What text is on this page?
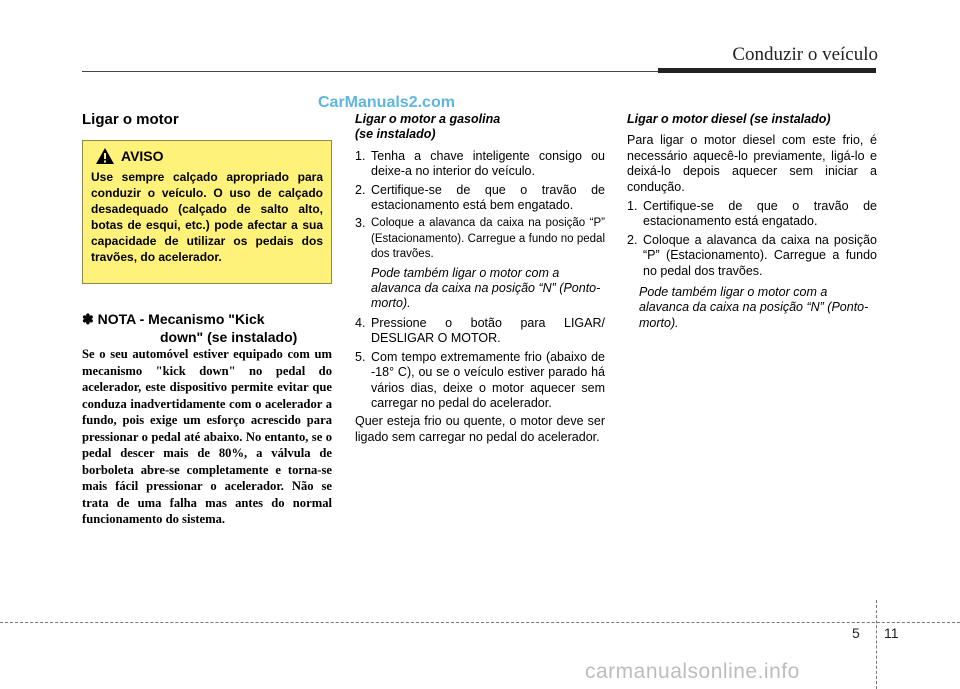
Conduzir o veículo
CarManuals2.com
Ligar o motor
AVISO
Use sempre calçado apropriado para conduzir o veículo. O uso de calçado desadequado (calçado de salto alto, botas de esqui, etc.) pode afectar a sua capacidade de utilizar os pedais dos travões, do acelerador.
✽ NOTA - Mecanismo "Kick
down" (se instalado)
Se o seu automóvel estiver equipado com um mecanismo "kick down" no pedal do acelerador, este dispositivo permite evitar que conduza inadvertidamente com o acelerador a fundo, pois exige um esforço acrescido para pressionar o pedal até abaixo. No entanto, se o pedal descer mais de 80%, a válvula de borboleta abre-se completamente e torna-se mais fácil pressionar o acelerador. Não se trata de uma falha mas antes do normal funcionamento do sistema.
Ligar o motor a gasolina
(se instalado)
1. Tenha a chave inteligente consigo ou deixe-a no interior do veículo.
2. Certifique-se de que o travão de estacionamento está bem engatado.
3. Coloque a alavanca da caixa na posição “P” (Estacionamento). Carregue a fundo no pedal dos travões.
Pode também ligar o motor com a alavanca da caixa na posição “N” (Ponto-morto).
4. Pressione o botão para LIGAR/ DESLIGAR O MOTOR.
5. Com tempo extremamente frio (abaixo de -18° C), ou se o veículo estiver parado há vários dias, deixe o motor aquecer sem carregar no pedal do acelerador.
Quer esteja frio ou quente, o motor deve ser ligado sem carregar no pedal do acelerador.
Ligar o motor diesel (se instalado)
Para ligar o motor diesel com este frio, é necessário aquecê-lo previamente, ligá-lo e deixá-lo depois aquecer sem iniciar a condução.
1. Certifique-se de que o travão de estacionamento está engatado.
2. Coloque a alavanca da caixa na posição “P” (Estacionamento). Carregue a fundo no pedal dos travões.
Pode também ligar o motor com a alavanca da caixa na posição “N” (Ponto-morto).
5 11
carmanualsonline.info
